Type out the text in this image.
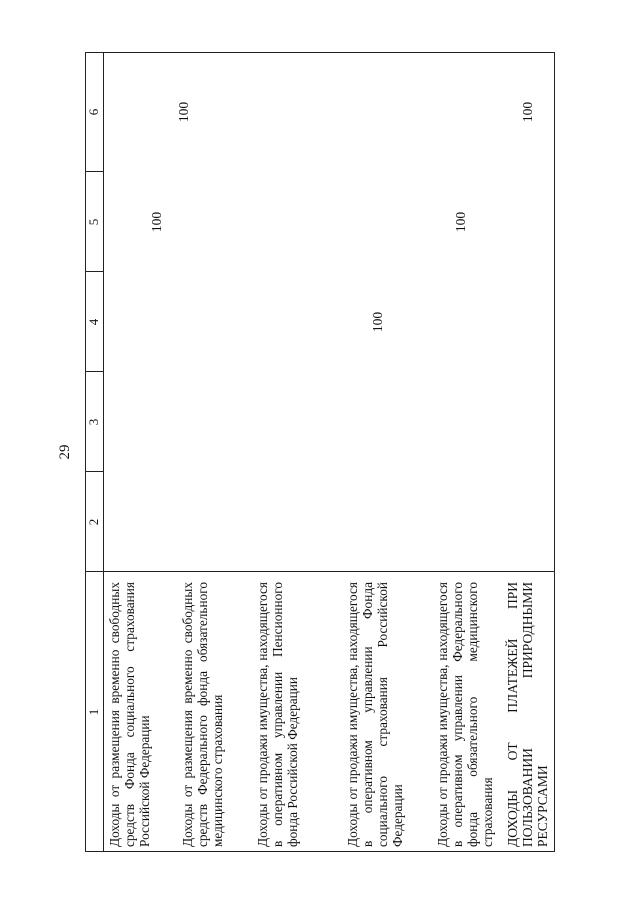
29
1
2
3
4
5
6
Доходы от размещения временно свободных средств Фонда социального страхования Российской Федерации
100
Доходы от размещения временно свободных средств Федерального фонда обязательного медицинского страхования
100
Доходы от продажи имущества, находящегося в оперативном управлении Пенсионного фонда Российской Федерации
100
Доходы от продажи имущества, находящегося в оперативном управлении Фонда социального страхования Российской Федерации
100
Доходы от продажи имущества, находящегося в оперативном управлении Федерального фонда обязательного медицинского страхования
100
ДОХОДЫ ОТ ПЛАТЕЖЕЙ ПРИ ПОЛЬЗОВАНИИ ПРИРОДНЫМИ РЕСУРСАМИ
